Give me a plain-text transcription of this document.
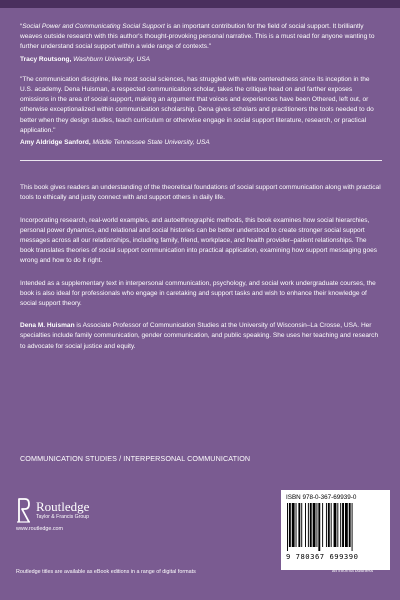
“Social Power and Communicating Social Support is an important contribution for the field of social support. It brilliantly weaves outside research with this author's thought-provoking personal narrative. This is a must read for anyone wanting to further understand social support within a wide range of contexts."

Tracy Routsong, Washburn University, USA

"The communication discipline, like most social sciences, has struggled with white centeredness since its inception in the U.S. academy. Dena Huisman, a respected communication scholar, takes the critique head on and farther exposes omissions in the area of social support, making an argument that voices and experiences have been Othered, left out, or otherwise exceptionalized within communication scholarship. Dena gives scholars and practitioners the tools needed to do better when they design studies, teach curriculum or otherwise engage in social support literature, research, or practical application."

Amy Aldridge Sanford, Middle Tennessee State University, USA

This book gives readers an understanding of the theoretical foundations of social support communication along with practical tools to ethically and justly connect with and support others in daily life.

Incorporating research, real-world examples, and autoethnographic methods, this book examines how social hierarchies, personal power dynamics, and relational and social histories can be better understood to create stronger social support messages across all our relationships, including family, friend, workplace, and health provider–patient relationships. The book translates theories of social support communication into practical application, examining how support messaging goes wrong and how to do it right.

Intended as a supplementary text in interpersonal communication, psychology, and social work undergraduate courses, the book is also ideal for professionals who engage in caretaking and support tasks and wish to enhance their knowledge of social support theory.

Dena M. Huisman is Associate Professor of Communication Studies at the University of Wisconsin–La Crosse, USA. Her specialties include family communication, gender communication, and public speaking. She uses her teaching and research to advocate for social justice and equity.

COMMUNICATION STUDIES / INTERPERSONAL COMMUNICATION
Routledge
Taylor & Francis Group
www.routledge.com
Routledge titles are available as eBook editions in a range of digital formats
ISBN 978-0-367-69939-0
9 780367 699390
an informa business
